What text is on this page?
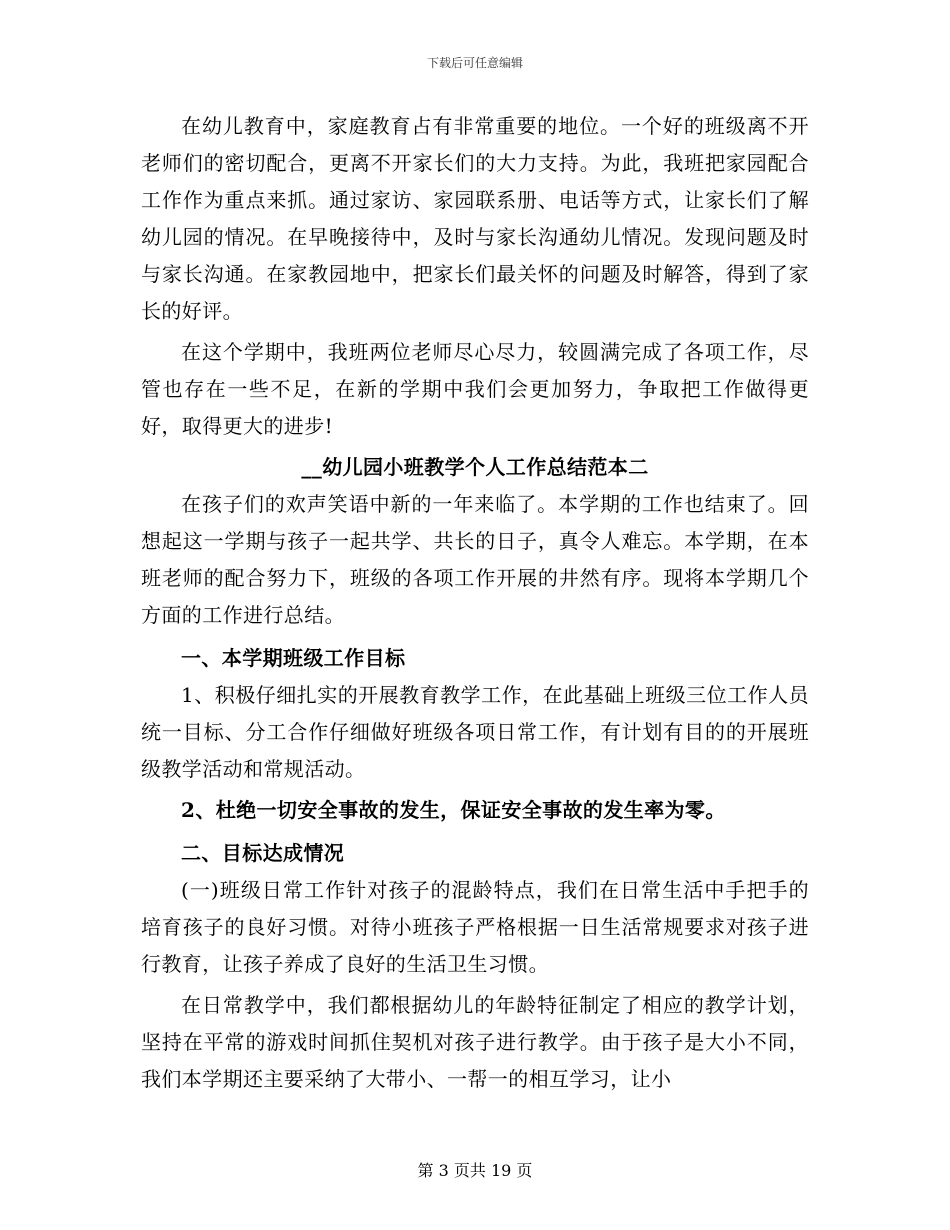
下载后可任意编辑

在幼儿教育中，家庭教育占有非常重要的地位。一个好的班级离不开老师们的密切配合，更离不开家长们的大力支持。为此，我班把家园配合工作作为重点来抓。通过家访、家园联系册、电话等方式，让家长们了解幼儿园的情况。在早晚接待中，及时与家长沟通幼儿情况。发现问题及时与家长沟通。在家教园地中，把家长们最关怀的问题及时解答，得到了家长的好评。

在这个学期中，我班两位老师尽心尽力，较圆满完成了各项工作，尽管也存在一些不足，在新的学期中我们会更加努力，争取把工作做得更好，取得更大的进步!

__幼儿园小班教学个人工作总结范本二

在孩子们的欢声笑语中新的一年来临了。本学期的工作也结束了。回想起这一学期与孩子一起共学、共长的日子，真令人难忘。本学期，在本班老师的配合努力下，班级的各项工作开展的井然有序。现将本学期几个方面的工作进行总结。

一、本学期班级工作目标

1、积极仔细扎实的开展教育教学工作，在此基础上班级三位工作人员统一目标、分工合作仔细做好班级各项日常工作，有计划有目的的开展班级教学活动和常规活动。

2、杜绝一切安全事故的发生，保证安全事故的发生率为零。

二、目标达成情况

(一)班级日常工作针对孩子的混龄特点，我们在日常生活中手把手的培育孩子的良好习惯。对待小班孩子严格根据一日生活常规要求对孩子进行教育，让孩子养成了良好的生活卫生习惯。

在日常教学中，我们都根据幼儿的年龄特征制定了相应的教学计划，坚持在平常的游戏时间抓住契机对孩子进行教学。由于孩子是大小不同，我们本学期还主要采纳了大带小、一帮一的相互学习，让小

第 3 页共 19 页
